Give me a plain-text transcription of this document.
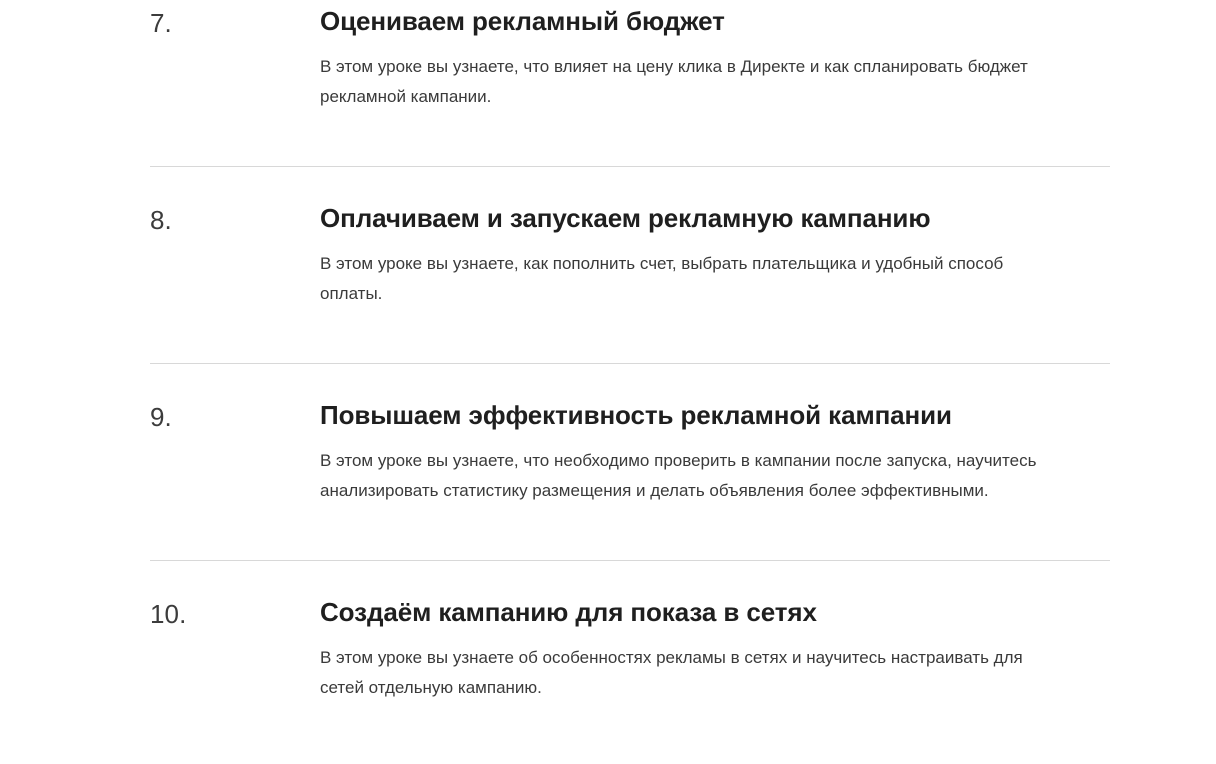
7.	Оцениваем рекламный бюджет

В этом уроке вы узнаете, что влияет на цену клика в Директе и как спланировать бюджет рекламной кампании.

8.	Оплачиваем и запускаем рекламную кампанию

В этом уроке вы узнаете, как пополнить счет, выбрать плательщика и удобный способ оплаты.

9.	Повышаем эффективность рекламной кампании

В этом уроке вы узнаете, что необходимо проверить в кампании после запуска, научитесь анализировать статистику размещения и делать объявления более эффективными.

10.	Создаём кампанию для показа в сетях

В этом уроке вы узнаете об особенностях рекламы в сетях и научитесь настраивать для сетей отдельную кампанию.
